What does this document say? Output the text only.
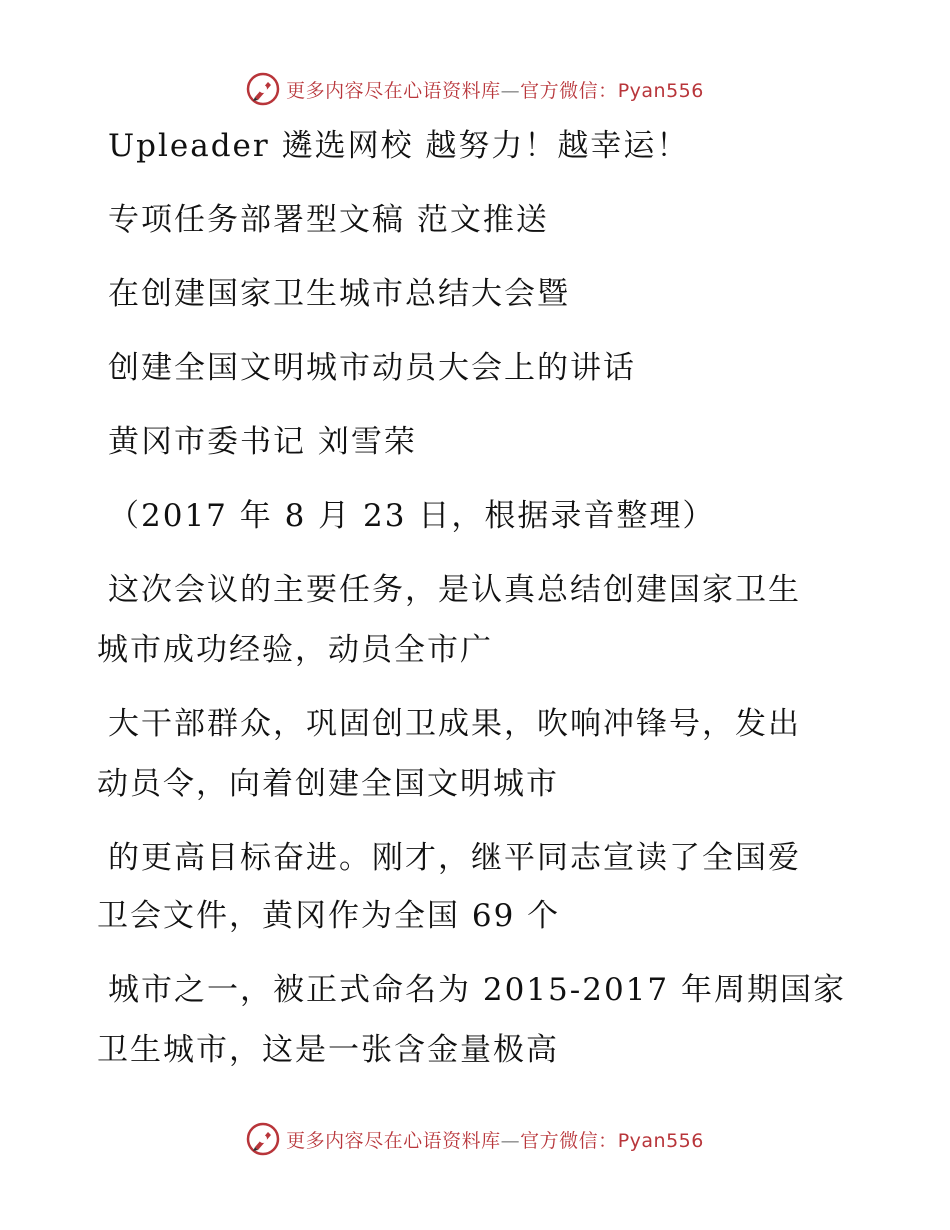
更多内容尽在心语资料库—官方微信：Pyan556
Upleader 遴选网校 越努力！越幸运！
专项任务部署型文稿 范文推送
在创建国家卫生城市总结大会暨
创建全国文明城市动员大会上的讲话
黄冈市委书记 刘雪荣
（2017 年 8 月 23 日，根据录音整理）
这次会议的主要任务，是认真总结创建国家卫生
城市成功经验，动员全市广
大干部群众，巩固创卫成果，吹响冲锋号，发出
动员令，向着创建全国文明城市
的更高目标奋进。刚才，继平同志宣读了全国爱
卫会文件，黄冈作为全国 69 个
城市之一，被正式命名为 2015-2017 年周期国家
卫生城市，这是一张含金量极高
更多内容尽在心语资料库—官方微信：Pyan556
